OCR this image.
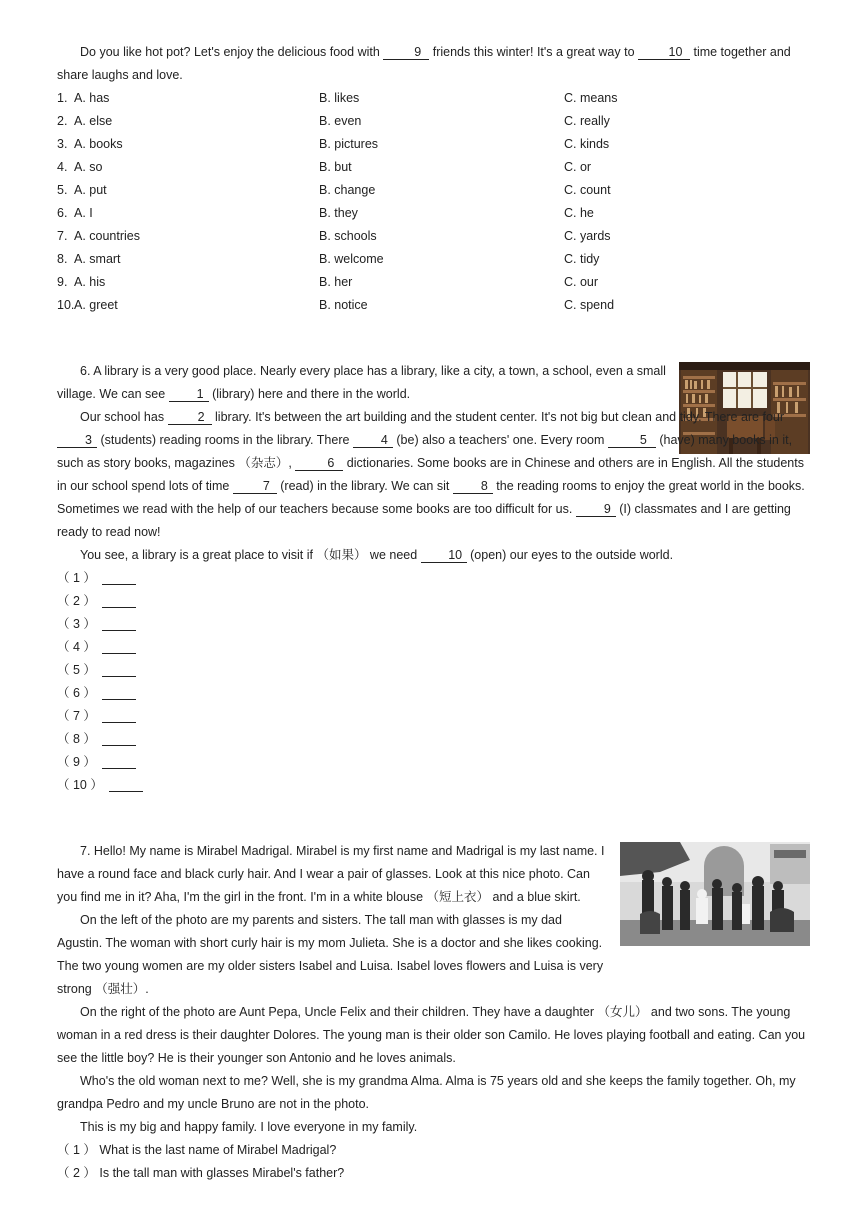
Do you like hot pot? Let's enjoy the delicious food with 9 friends this winter! It's a great way to 10 time together and share laughs and love.

1. A. has	B. likes	C. means
2. A. else	B. even	C. really
3. A. books	B. pictures	C. kinds
4. A. so	B. but	C. or
5. A. put	B. change	C. count
6. A. I	B. they	C. he
7. A. countries	B. schools	C. yards
8. A. smart	B. welcome	C. tidy
9. A. his	B. her	C. our
10. A. greet	B. notice	C. spend

6. A library is a very good place. Nearly every place has a library, like a city, a town, a school, even a small village. We can see 1 (library) here and there in the world.

Our school has 2 library. It's between the art building and the student center. It's not big but clean and tidy. There are four 3 (students) reading rooms in the library. There 4 (be) also a teachers' one. Every room	5 (have) many books in it, such as story books, magazines （杂志）,	6 dictionaries. Some books are in Chinese and others are in English. All the students in our school spend lots of time 7 (read) in the library. We can sit 8 the reading rooms to enjoy the great world in the books. Sometimes we read with the help of our teachers because some books are too difficult for us. 9 (I) classmates and I are getting ready to read now!

You see, a library is a great place to visit if （如果） we need 10 (open) our eyes to the outside world.

（ 1 ）
（ 2 ）
（ 3 ）
（ 4 ）
（ 5 ）
（ 6 ）
（ 7 ）
（ 8 ）
（ 9 ）
（ 10 ）

7. Hello! My name is Mirabel Madrigal. Mirabel is my first name and Madrigal is my last name. I have a round face and black curly hair. And I wear a pair of glasses. Look at this nice photo. Can you find me in it? Aha, I'm the girl in the front. I'm in a white blouse （短上衣） and a blue skirt.

On the left of the photo are my parents and sisters. The tall man with glasses is my dad Agustin. The woman with short curly hair is my mom Julieta. She is a doctor and she likes cooking. The two young women are my older sisters Isabel and Luisa. Isabel loves flowers and Luisa is very strong （强壮）.

On the right of the photo are Aunt Pepa, Uncle Felix and their children. They have a daughter （女儿） and two sons. The young woman in a red dress is their daughter Dolores. The young man is their older son Camilo. He loves playing football and eating. Can you see the little boy? He is their younger son Antonio and he loves animals.

Who's the old woman next to me? Well, she is my grandma Alma. Alma is 75 years old and she keeps the family together. Oh, my grandpa Pedro and my uncle Bruno are not in the photo.

This is my big and happy family. I love everyone in my family.

（ 1 ） What is the last name of Mirabel Madrigal?

（ 2 ） Is the tall man with glasses Mirabel's father?
